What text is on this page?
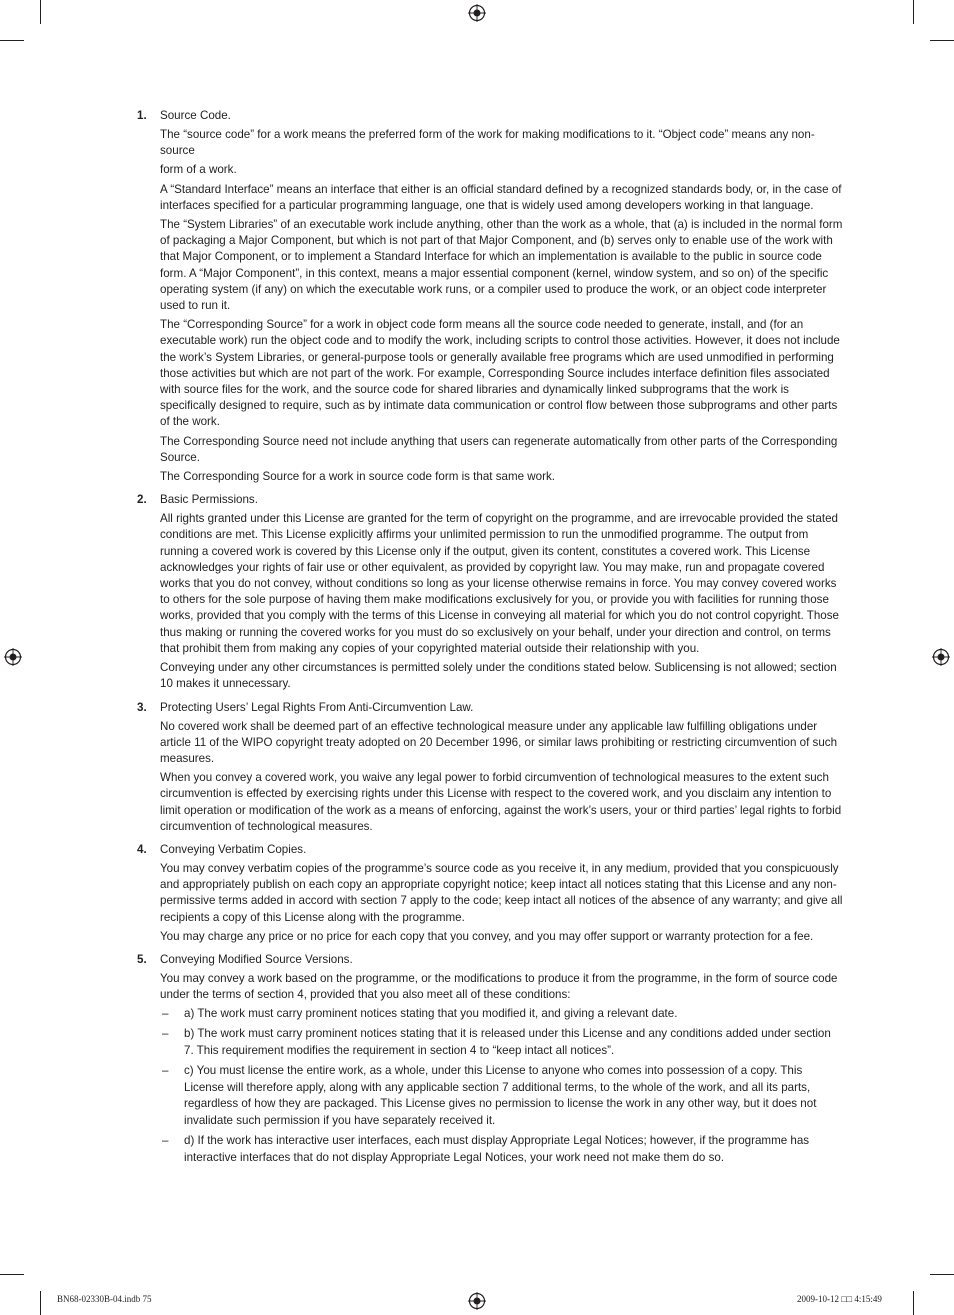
1. Source Code.

The “source code” for a work means the preferred form of the work for making modifications to it. “Object code” means any non-source

form of a work.

A “Standard Interface” means an interface that either is an official standard defined by a recognized standards body, or, in the case of interfaces specified for a particular programming language, one that is widely used among developers working in that language.

The “System Libraries” of an executable work include anything, other than the work as a whole, that (a) is included in the normal form of packaging a Major Component, but which is not part of that Major Component, and (b) serves only to enable use of the work with that Major Component, or to implement a Standard Interface for which an implementation is available to the public in source code form. A “Major Component”, in this context, means a major essential component (kernel, window system, and so on) of the specific operating system (if any) on which the executable work runs, or a compiler used to produce the work, or an object code interpreter used to run it.

The “Corresponding Source” for a work in object code form means all the source code needed to generate, install, and (for an executable work) run the object code and to modify the work, including scripts to control those activities. However, it does not include the work’s System Libraries, or general-purpose tools or generally available free programs which are used unmodified in performing those activities but which are not part of the work. For example, Corresponding Source includes interface definition files associated with source files for the work, and the source code for shared libraries and dynamically linked subprograms that the work is specifically designed to require, such as by intimate data communication or control flow between those subprograms and other parts of the work.

The Corresponding Source need not include anything that users can regenerate automatically from other parts of the Corresponding Source.

The Corresponding Source for a work in source code form is that same work.

2. Basic Permissions.

All rights granted under this License are granted for the term of copyright on the programme, and are irrevocable provided the stated conditions are met. This License explicitly affirms your unlimited permission to run the unmodified programme. The output from running a covered work is covered by this License only if the output, given its content, constitutes a covered work. This License acknowledges your rights of fair use or other equivalent, as provided by copyright law. You may make, run and propagate covered works that you do not convey, without conditions so long as your license otherwise remains in force. You may convey covered works to others for the sole purpose of having them make modifications exclusively for you, or provide you with facilities for running those works, provided that you comply with the terms of this License in conveying all material for which you do not control copyright. Those thus making or running the covered works for you must do so exclusively on your behalf, under your direction and control, on terms that prohibit them from making any copies of your copyrighted material outside their relationship with you.

Conveying under any other circumstances is permitted solely under the conditions stated below. Sublicensing is not allowed; section 10 makes it unnecessary.

3. Protecting Users’ Legal Rights From Anti-Circumvention Law.

No covered work shall be deemed part of an effective technological measure under any applicable law fulfilling obligations under article 11 of the WIPO copyright treaty adopted on 20 December 1996, or similar laws prohibiting or restricting circumvention of such measures.

When you convey a covered work, you waive any legal power to forbid circumvention of technological measures to the extent such circumvention is effected by exercising rights under this License with respect to the covered work, and you disclaim any intention to limit operation or modification of the work as a means of enforcing, against the work’s users, your or third parties’ legal rights to forbid circumvention of technological measures.

4. Conveying Verbatim Copies.

You may convey verbatim copies of the programme’s source code as you receive it, in any medium, provided that you conspicuously and appropriately publish on each copy an appropriate copyright notice; keep intact all notices stating that this License and any non-permissive terms added in accord with section 7 apply to the code; keep intact all notices of the absence of any warranty; and give all recipients a copy of this License along with the programme.

You may charge any price or no price for each copy that you convey, and you may offer support or warranty protection for a fee.

5. Conveying Modified Source Versions.

You may convey a work based on the programme, or the modifications to produce it from the programme, in the form of source code under the terms of section 4, provided that you also meet all of these conditions:

– a) The work must carry prominent notices stating that you modified it, and giving a relevant date.
– b) The work must carry prominent notices stating that it is released under this License and any conditions added under section 7. This requirement modifies the requirement in section 4 to “keep intact all notices”.
– c) You must license the entire work, as a whole, under this License to anyone who comes into possession of a copy. This License will therefore apply, along with any applicable section 7 additional terms, to the whole of the work, and all its parts, regardless of how they are packaged. This License gives no permission to license the work in any other way, but it does not invalidate such permission if you have separately received it.
– d) If the work has interactive user interfaces, each must display Appropriate Legal Notices; however, if the programme has interactive interfaces that do not display Appropriate Legal Notices, your work need not make them do so.
BN68-02330B-04.indb 75	2009-10-12 □□ 4:15:49
